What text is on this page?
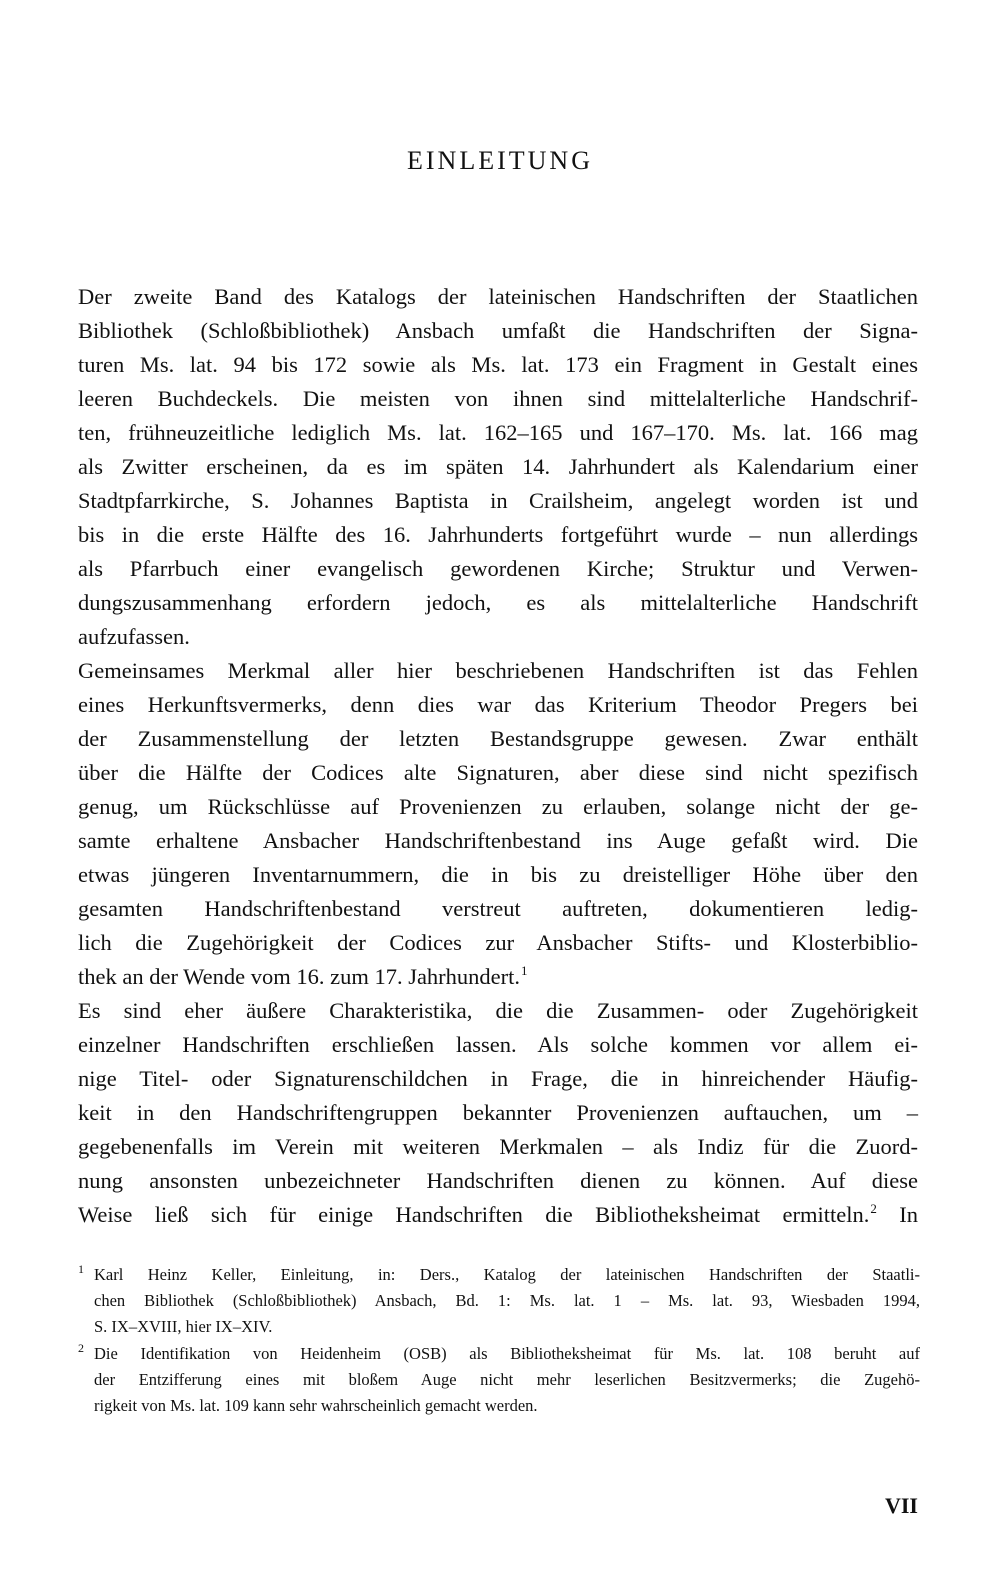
EINLEITUNG
Der zweite Band des Katalogs der lateinischen Handschriften der Staatlichen
Bibliothek (Schloßbibliothek) Ansbach umfaßt die Handschriften der Signa-
turen Ms. lat. 94 bis 172 sowie als Ms. lat. 173 ein Fragment in Gestalt eines
leeren Buchdeckels. Die meisten von ihnen sind mittelalterliche Handschrif-
ten, frühneuzeitliche lediglich Ms. lat. 162–165 und 167–170. Ms. lat. 166 mag
als Zwitter erscheinen, da es im späten 14. Jahrhundert als Kalendarium einer
Stadtpfarrkirche, S. Johannes Baptista in Crailsheim, angelegt worden ist und
bis in die erste Hälfte des 16. Jahrhunderts fortgeführt wurde – nun allerdings
als Pfarrbuch einer evangelisch gewordenen Kirche; Struktur und Verwen-
dungszusammenhang erfordern jedoch, es als mittelalterliche Handschrift
aufzufassen.
Gemeinsames Merkmal aller hier beschriebenen Handschriften ist das Fehlen
eines Herkunftsvermerks, denn dies war das Kriterium Theodor Pregers bei
der Zusammenstellung der letzten Bestandsgruppe gewesen. Zwar enthält
über die Hälfte der Codices alte Signaturen, aber diese sind nicht spezifisch
genug, um Rückschlüsse auf Provenienzen zu erlauben, solange nicht der ge-
samte erhaltene Ansbacher Handschriftenbestand ins Auge gefaßt wird. Die
etwas jüngeren Inventarnummern, die in bis zu dreistelliger Höhe über den
gesamten Handschriftenbestand verstreut auftreten, dokumentieren ledig-
lich die Zugehörigkeit der Codices zur Ansbacher Stifts- und Klosterbiblio-
thek an der Wende vom 16. zum 17. Jahrhundert.$^1$
Es sind eher äußere Charakteristika, die die Zusammen- oder Zugehörigkeit
einzelner Handschriften erschließen lassen. Als solche kommen vor allem ei-
nige Titel- oder Signaturenschildchen in Frage, die in hinreichender Häufig-
keit in den Handschriftengruppen bekannter Provenienzen auftauchen, um –
gegebenenfalls im Verein mit weiteren Merkmalen – als Indiz für die Zuord-
nung ansonsten unbezeichneter Handschriften dienen zu können. Auf diese
Weise ließ sich für einige Handschriften die Bibliotheksheimat ermitteln.$^2$ In
1 Karl Heinz Keller, Einleitung, in: Ders., Katalog der lateinischen Handschriften der Staatli-
chen Bibliothek (Schloßbibliothek) Ansbach, Bd. 1: Ms. lat. 1 – Ms. lat. 93, Wiesbaden 1994,
S. IX–XVIII, hier IX–XIV.
2 Die Identifikation von Heidenheim (OSB) als Bibliotheksheimat für Ms. lat. 108 beruht auf
der Entzifferung eines mit bloßem Auge nicht mehr leserlichen Besitzvermerks; die Zugehö-
rigkeit von Ms. lat. 109 kann sehr wahrscheinlich gemacht werden.
VII
